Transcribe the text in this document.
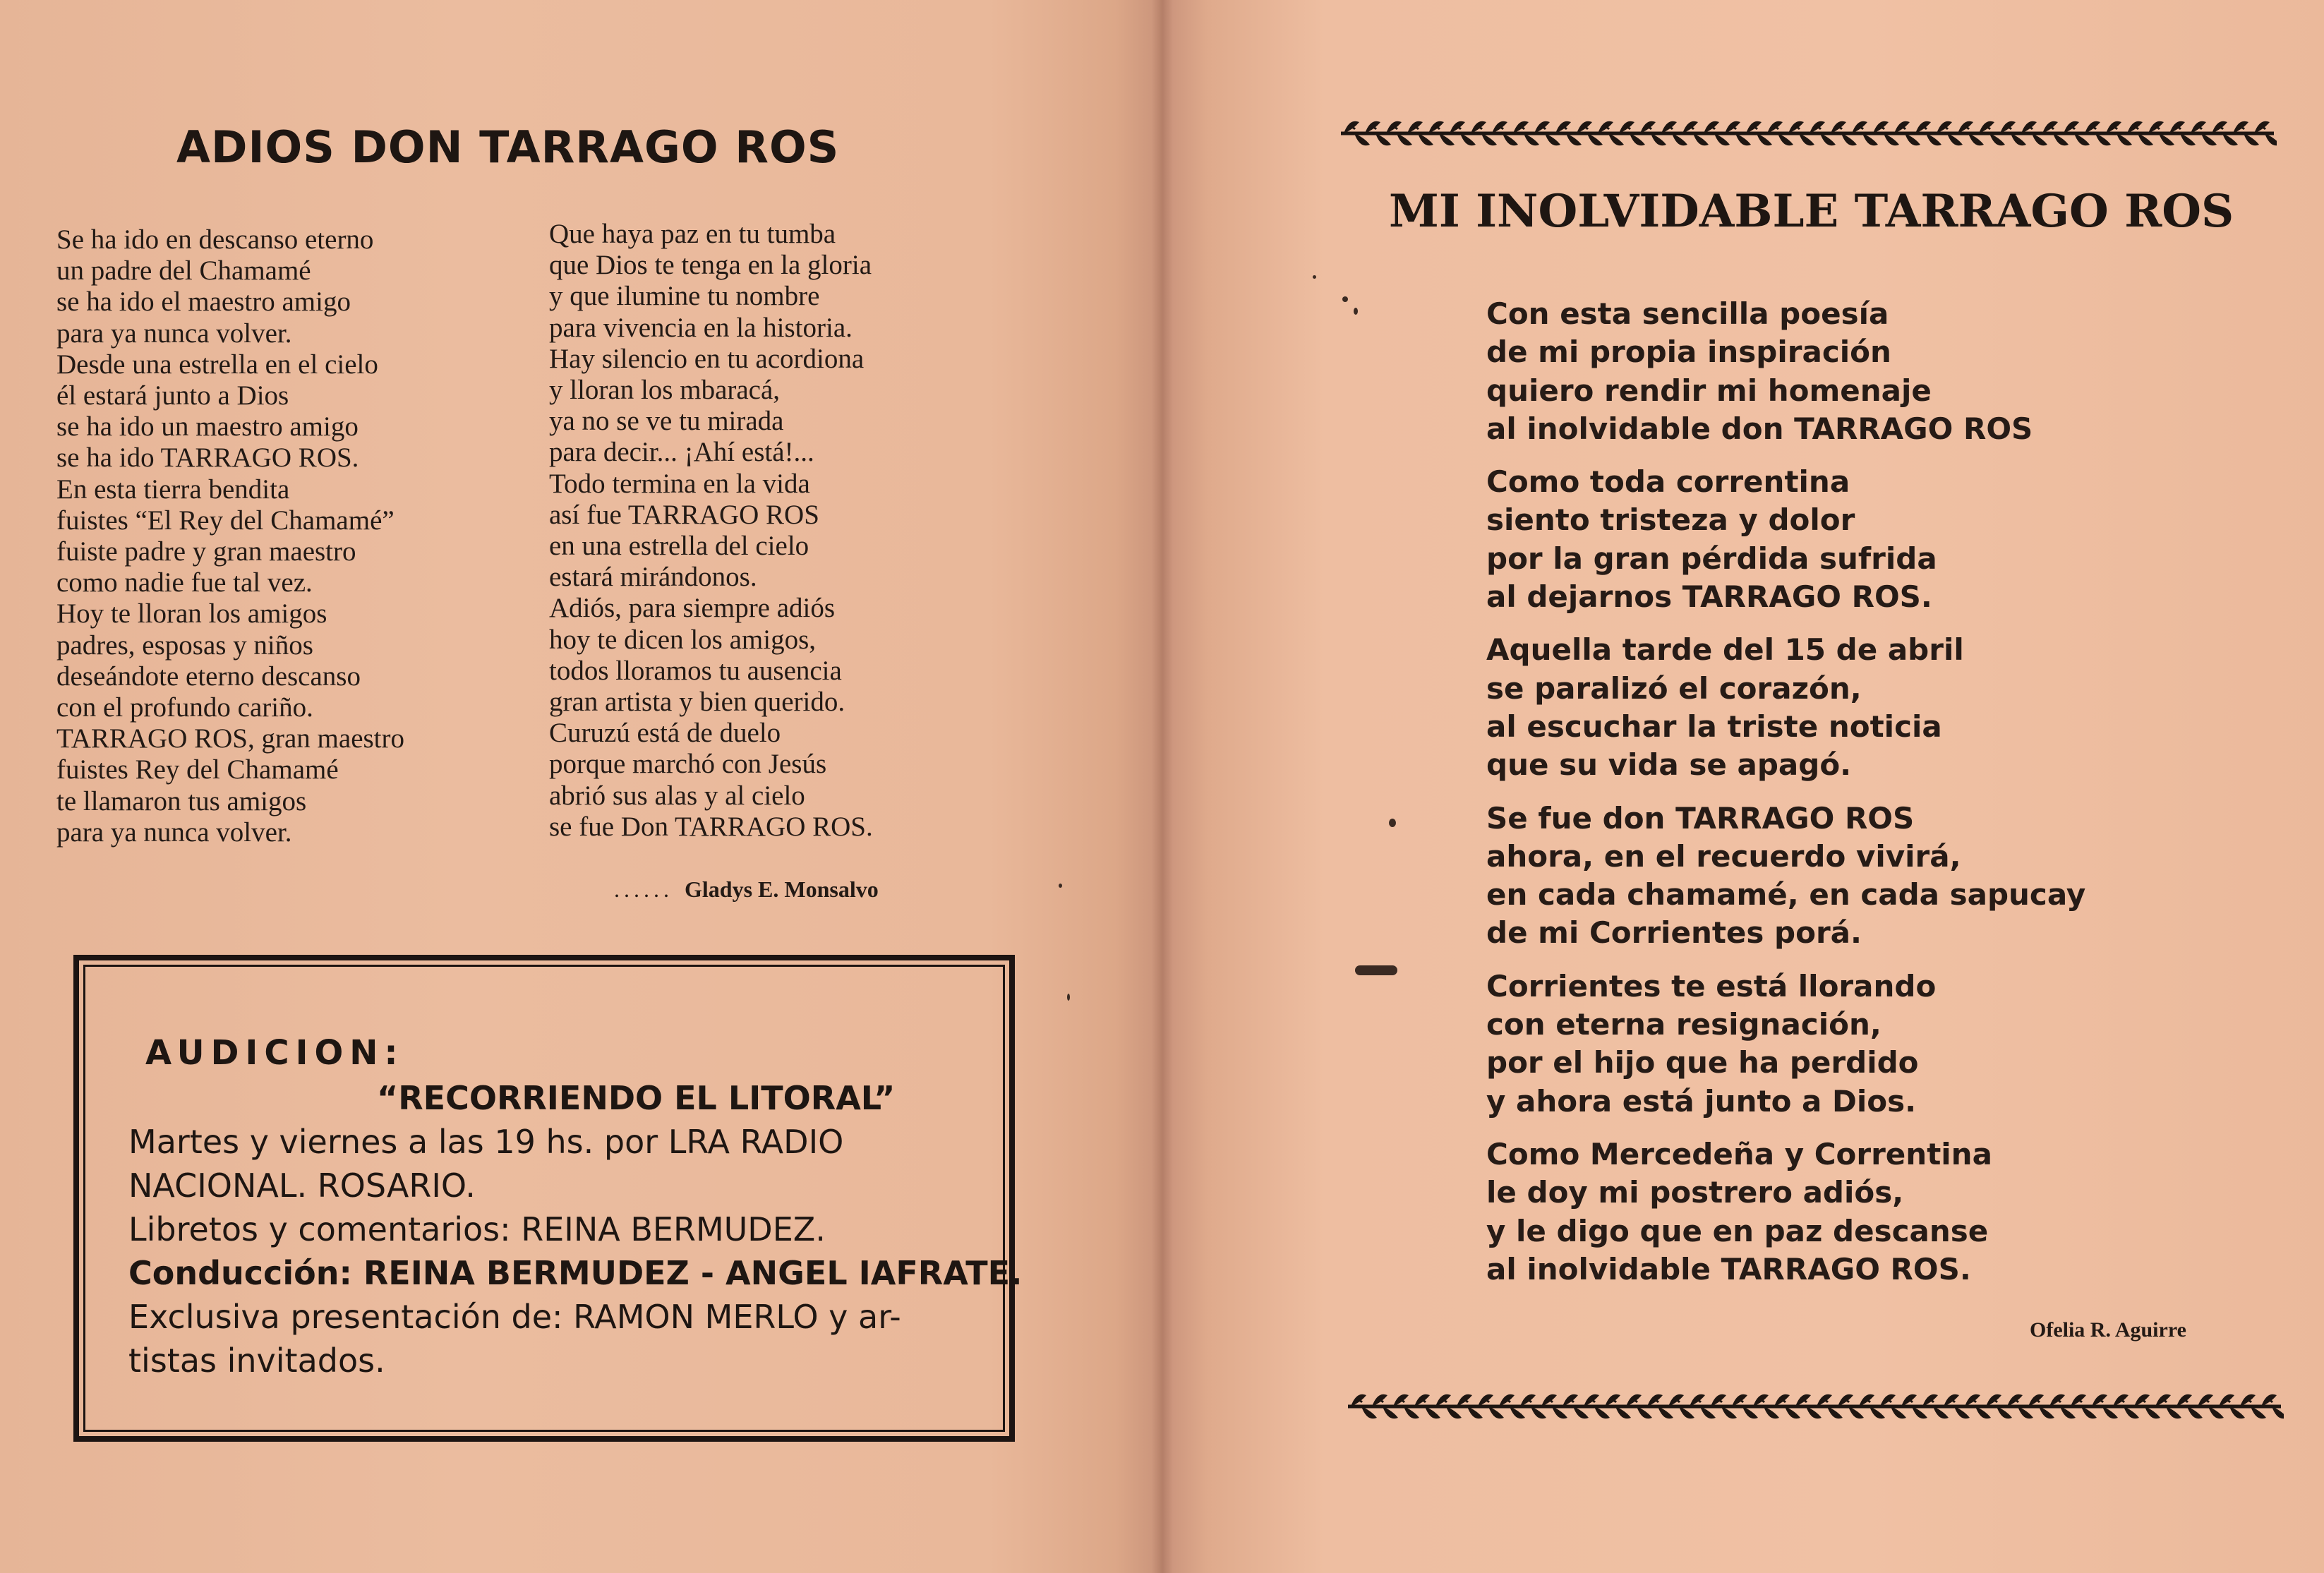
ADIOS DON TARRAGO ROS
Se ha ido en descanso eterno
un padre del Chamamé
se ha ido el maestro amigo
para ya nunca volver.
Desde una estrella en el cielo
él estará junto a Dios
se ha ido un maestro amigo
se ha ido TARRAGO ROS.
En esta tierra bendita
fuistes “El Rey del Chamamé”
fuiste padre y gran maestro
como nadie fue tal vez.
Hoy te lloran los amigos
padres, esposas y niños
deseándote eterno descanso
con el profundo cariño.
TARRAGO ROS, gran maestro
fuistes Rey del Chamamé
te llamaron tus amigos
para ya nunca volver.
Que haya paz en tu tumba
que Dios te tenga en la gloria
y que ilumine tu nombre
para vivencia en la historia.
Hay silencio en tu acordiona
y lloran los mbaracá,
ya no se ve tu mirada
para decir... ¡Ahí está!...
Todo termina en la vida
así fue TARRAGO ROS
en una estrella del cielo
estará mirándonos.
Adiós, para siempre adiós
hoy te dicen los amigos,
todos lloramos tu ausencia
gran artista y bien querido.
Curuzú está de duelo
porque marchó con Jesús
abrió sus alas y al cielo
se fue Don TARRAGO ROS.
...... Gladys E. Monsalvo
AUDICION:
“RECORRIENDO EL LITORAL”
Martes y viernes a las 19 hs. por LRA RADIO
NACIONAL. ROSARIO.
Libretos y comentarios: REINA BERMUDEZ.
Conducción: REINA BERMUDEZ - ANGEL IAFRATE.
Exclusiva presentación de: RAMON MERLO y ar-
tistas invitados.
MI INOLVIDABLE TARRAGO ROS
Con esta sencilla poesía
de mi propia inspiración
quiero rendir mi homenaje
al inolvidable don TARRAGO ROS
Como toda correntina
siento tristeza y dolor
por la gran pérdida sufrida
al dejarnos TARRAGO ROS.
Aquella tarde del 15 de abril
se paralizó el corazón,
al escuchar la triste noticia
que su vida se apagó.
Se fue don TARRAGO ROS
ahora, en el recuerdo vivirá,
en cada chamamé, en cada sapucay
de mi Corrientes porá.
Corrientes te está llorando
con eterna resignación,
por el hijo que ha perdido
y ahora está junto a Dios.
Como Mercedeña y Correntina
le doy mi postrero adiós,
y le digo que en paz descanse
al inolvidable TARRAGO ROS.
Ofelia R. Aguirre
